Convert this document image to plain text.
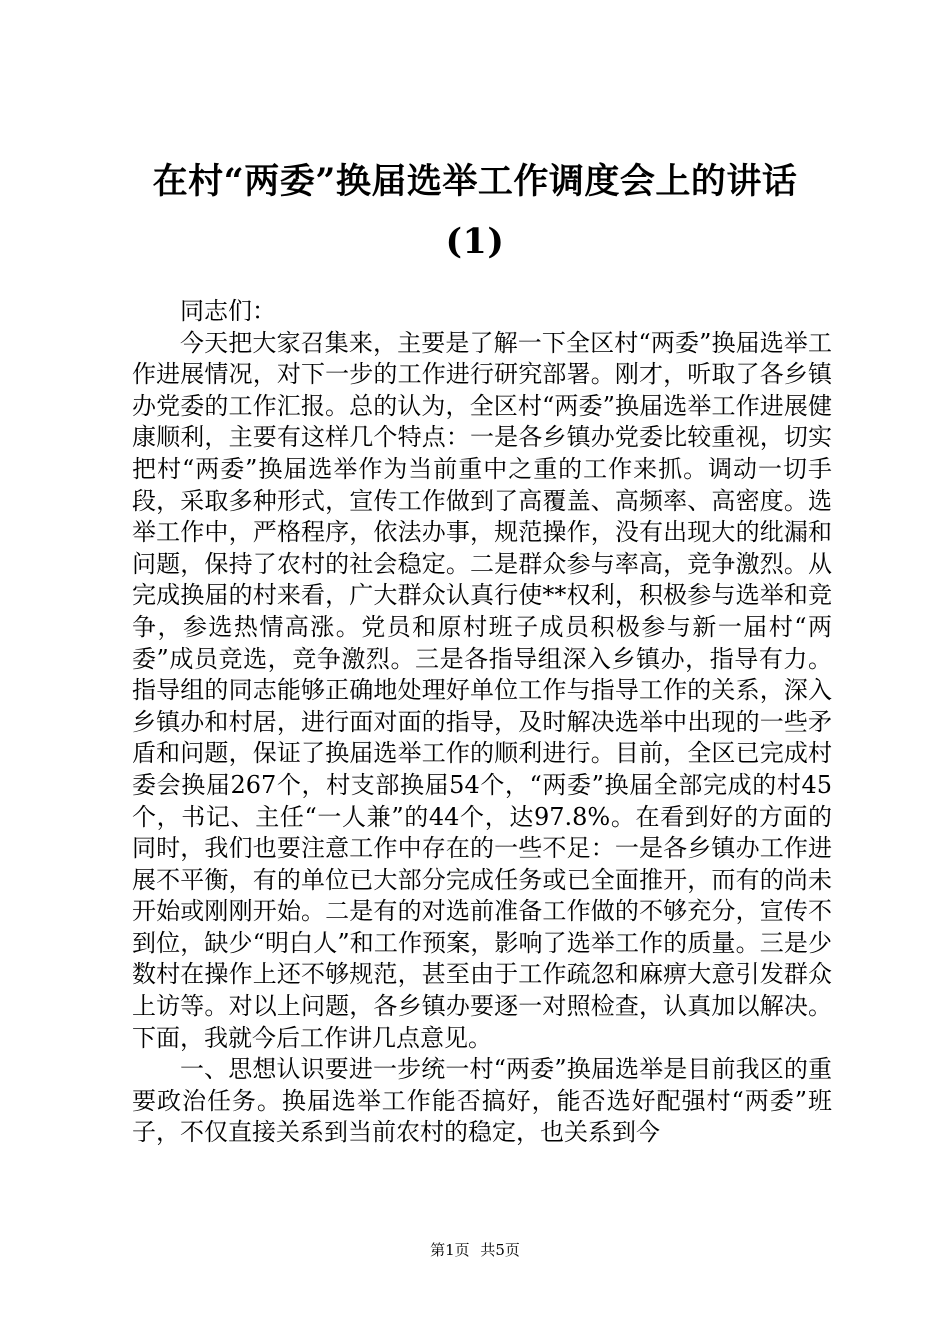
在村“两委”换届选举工作调度会上的讲话
(1)

同志们：

今天把大家召集来，主要是了解一下全区村“两委”换届选举工作进展情况，对下一步的工作进行研究部署。刚才，听取了各乡镇办党委的工作汇报。总的认为，全区村“两委”换届选举工作进展健康顺利，主要有这样几个特点：一是各乡镇办党委比较重视，切实把村“两委”换届选举作为当前重中之重的工作来抓。调动一切手段，采取多种形式，宣传工作做到了高覆盖、高频率、高密度。选举工作中，严格程序，依法办事，规范操作，没有出现大的纰漏和问题，保持了农村的社会稳定。二是群众参与率高，竞争激烈。从完成换届的村来看，广大群众认真行使**权利，积极参与选举和竞争，参选热情高涨。党员和原村班子成员积极参与新一届村“两委”成员竞选，竞争激烈。三是各指导组深入乡镇办，指导有力。指导组的同志能够正确地处理好单位工作与指导工作的关系，深入乡镇办和村居，进行面对面的指导，及时解决选举中出现的一些矛盾和问题，保证了换届选举工作的顺利进行。目前，全区已完成村委会换届267个，村支部换届54个，“两委”换届全部完成的村45个，书记、主任“一人兼”的44个，达97.8%。在看到好的方面的同时，我们也要注意工作中存在的一些不足：一是各乡镇办工作进展不平衡，有的单位已大部分完成任务或已全面推开，而有的尚未开始或刚刚开始。二是有的对选前准备工作做的不够充分，宣传不到位，缺少“明白人”和工作预案，影响了选举工作的质量。三是少数村在操作上还不够规范，甚至由于工作疏忽和麻痹大意引发群众上访等。对以上问题，各乡镇办要逐一对照检查，认真加以解决。下面，我就今后工作讲几点意见。

一、思想认识要进一步统一村“两委”换届选举是目前我区的重要政治任务。换届选举工作能否搞好，能否选好配强村“两委”班子，不仅直接关系到当前农村的稳定，也关系到今

第1页 共5页
